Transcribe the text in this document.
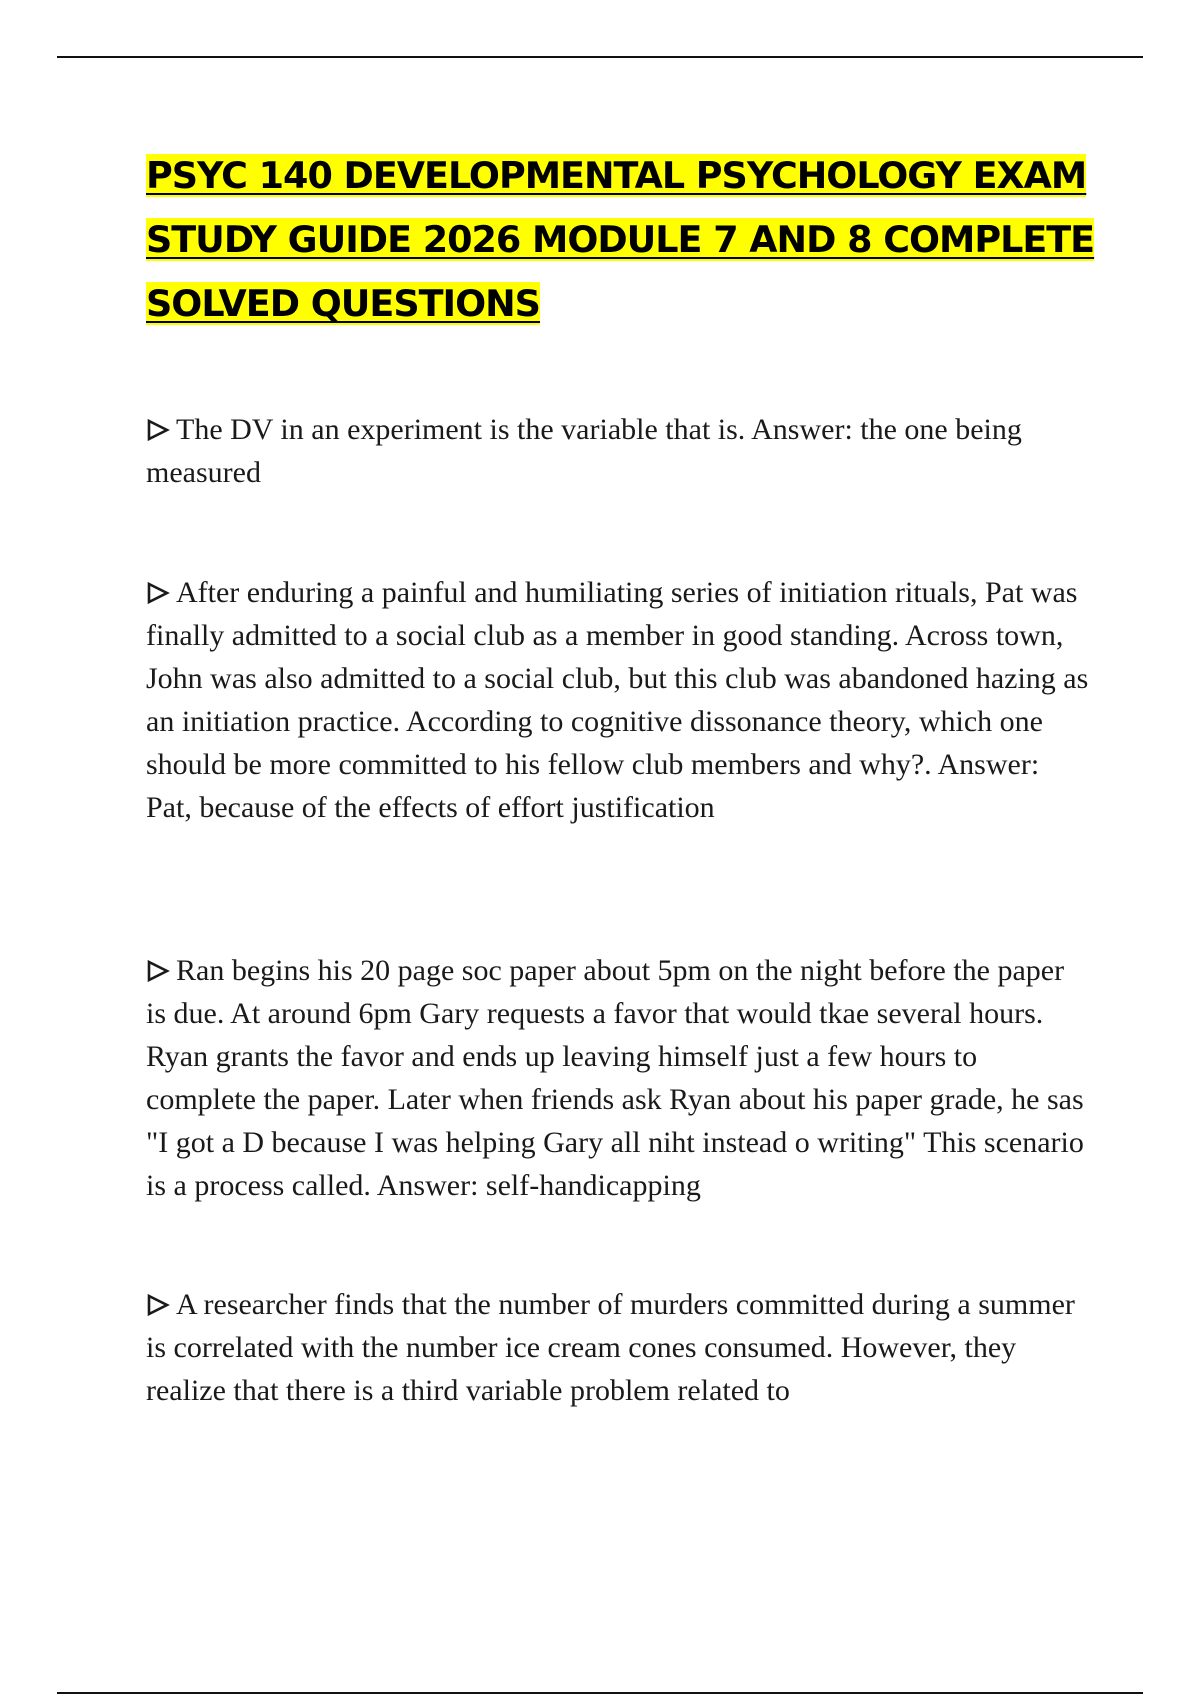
PSYC 140 DEVELOPMENTAL PSYCHOLOGY EXAM STUDY GUIDE 2026 MODULE 7 AND 8 COMPLETE SOLVED QUESTIONS

The DV in an experiment is the variable that is. Answer: the one being measured

After enduring a painful and humiliating series of initiation rituals, Pat was finally admitted to a social club as a member in good standing. Across town, John was also admitted to a social club, but this club was abandoned hazing as an initiation practice. According to cognitive dissonance theory, which one should be more committed to his fellow club members and why?. Answer: Pat, because of the effects of effort justification

Ran begins his 20 page soc paper about 5pm on the night before the paper is due. At around 6pm Gary requests a favor that would tkae several hours. Ryan grants the favor and ends up leaving himself just a few hours to complete the paper. Later when friends ask Ryan about his paper grade, he sas "I got a D because I was helping Gary all niht instead o writing" This scenario is a process called. Answer: self-handicapping

A researcher finds that the number of murders committed during a summer is correlated with the number ice cream cones consumed. However, they realize that there is a third variable problem related to
